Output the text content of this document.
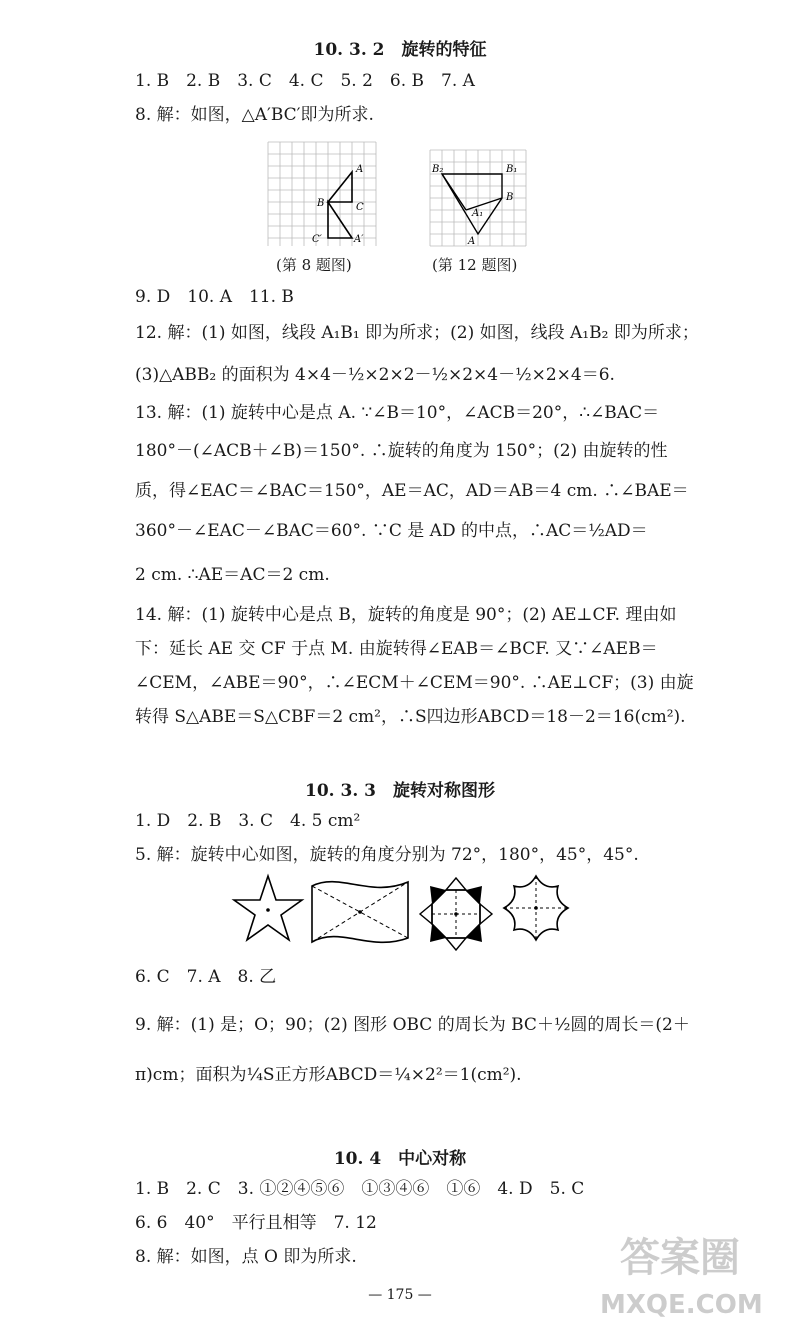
10. 3. 2　旋转的特征
1. B　2. B　3. C　4. C　5. 2　6. B　7. A
8. 解：如图，△A′BC′即为所求.
A
B	C
C′	A′
(第 8 题图)
B₂	B₁
B
A₁
A
(第 12 题图)
9. D　10. A　11. B
12. 解：(1) 如图，线段 A₁B₁ 即为所求；(2) 如图，线段 A₁B₂ 即为所求；
(3)△ABB₂ 的面积为 4×4－½×2×2－½×2×4－½×2×4＝6.
13. 解：(1) 旋转中心是点 A. ∵∠B＝10°，∠ACB＝20°，∴∠BAC＝
180°－(∠ACB＋∠B)＝150°. ∴旋转的角度为 150°；(2) 由旋转的性
质，得∠EAC＝∠BAC＝150°，AE＝AC，AD＝AB＝4 cm. ∴∠BAE＝
360°－∠EAC－∠BAC＝60°. ∵C 是 AD 的中点，∴AC＝½AD＝
2 cm. ∴AE＝AC＝2 cm.
14. 解：(1) 旋转中心是点 B，旋转的角度是 90°；(2) AE⊥CF. 理由如
下：延长 AE 交 CF 于点 M. 由旋转得∠EAB＝∠BCF. 又∵∠AEB＝
∠CEM，∠ABE＝90°，∴∠ECM＋∠CEM＝90°. ∴AE⊥CF；(3) 由旋
转得 S△ABE＝S△CBF＝2 cm²，∴S四边形ABCD＝18－2＝16(cm²).
10. 3. 3　旋转对称图形
1. D　2. B　3. C　4. 5 cm²
5. 解：旋转中心如图，旋转的角度分别为 72°，180°，45°，45°.
6. C　7. A　8. 乙
9. 解：(1) 是；O；90；(2) 图形 OBC 的周长为 BC＋½圆的周长＝(2＋
π)cm；面积为¼S正方形ABCD＝¼×2²＝1(cm²).
10. 4　中心对称
1. B　2. C　3. ①②④⑤⑥　①③④⑥　①⑥　4. D　5. C
6. 6　40°　平行且相等　7. 12
8. 解：如图，点 O 即为所求.
— 175 —
答案圈
MXQE.COM
